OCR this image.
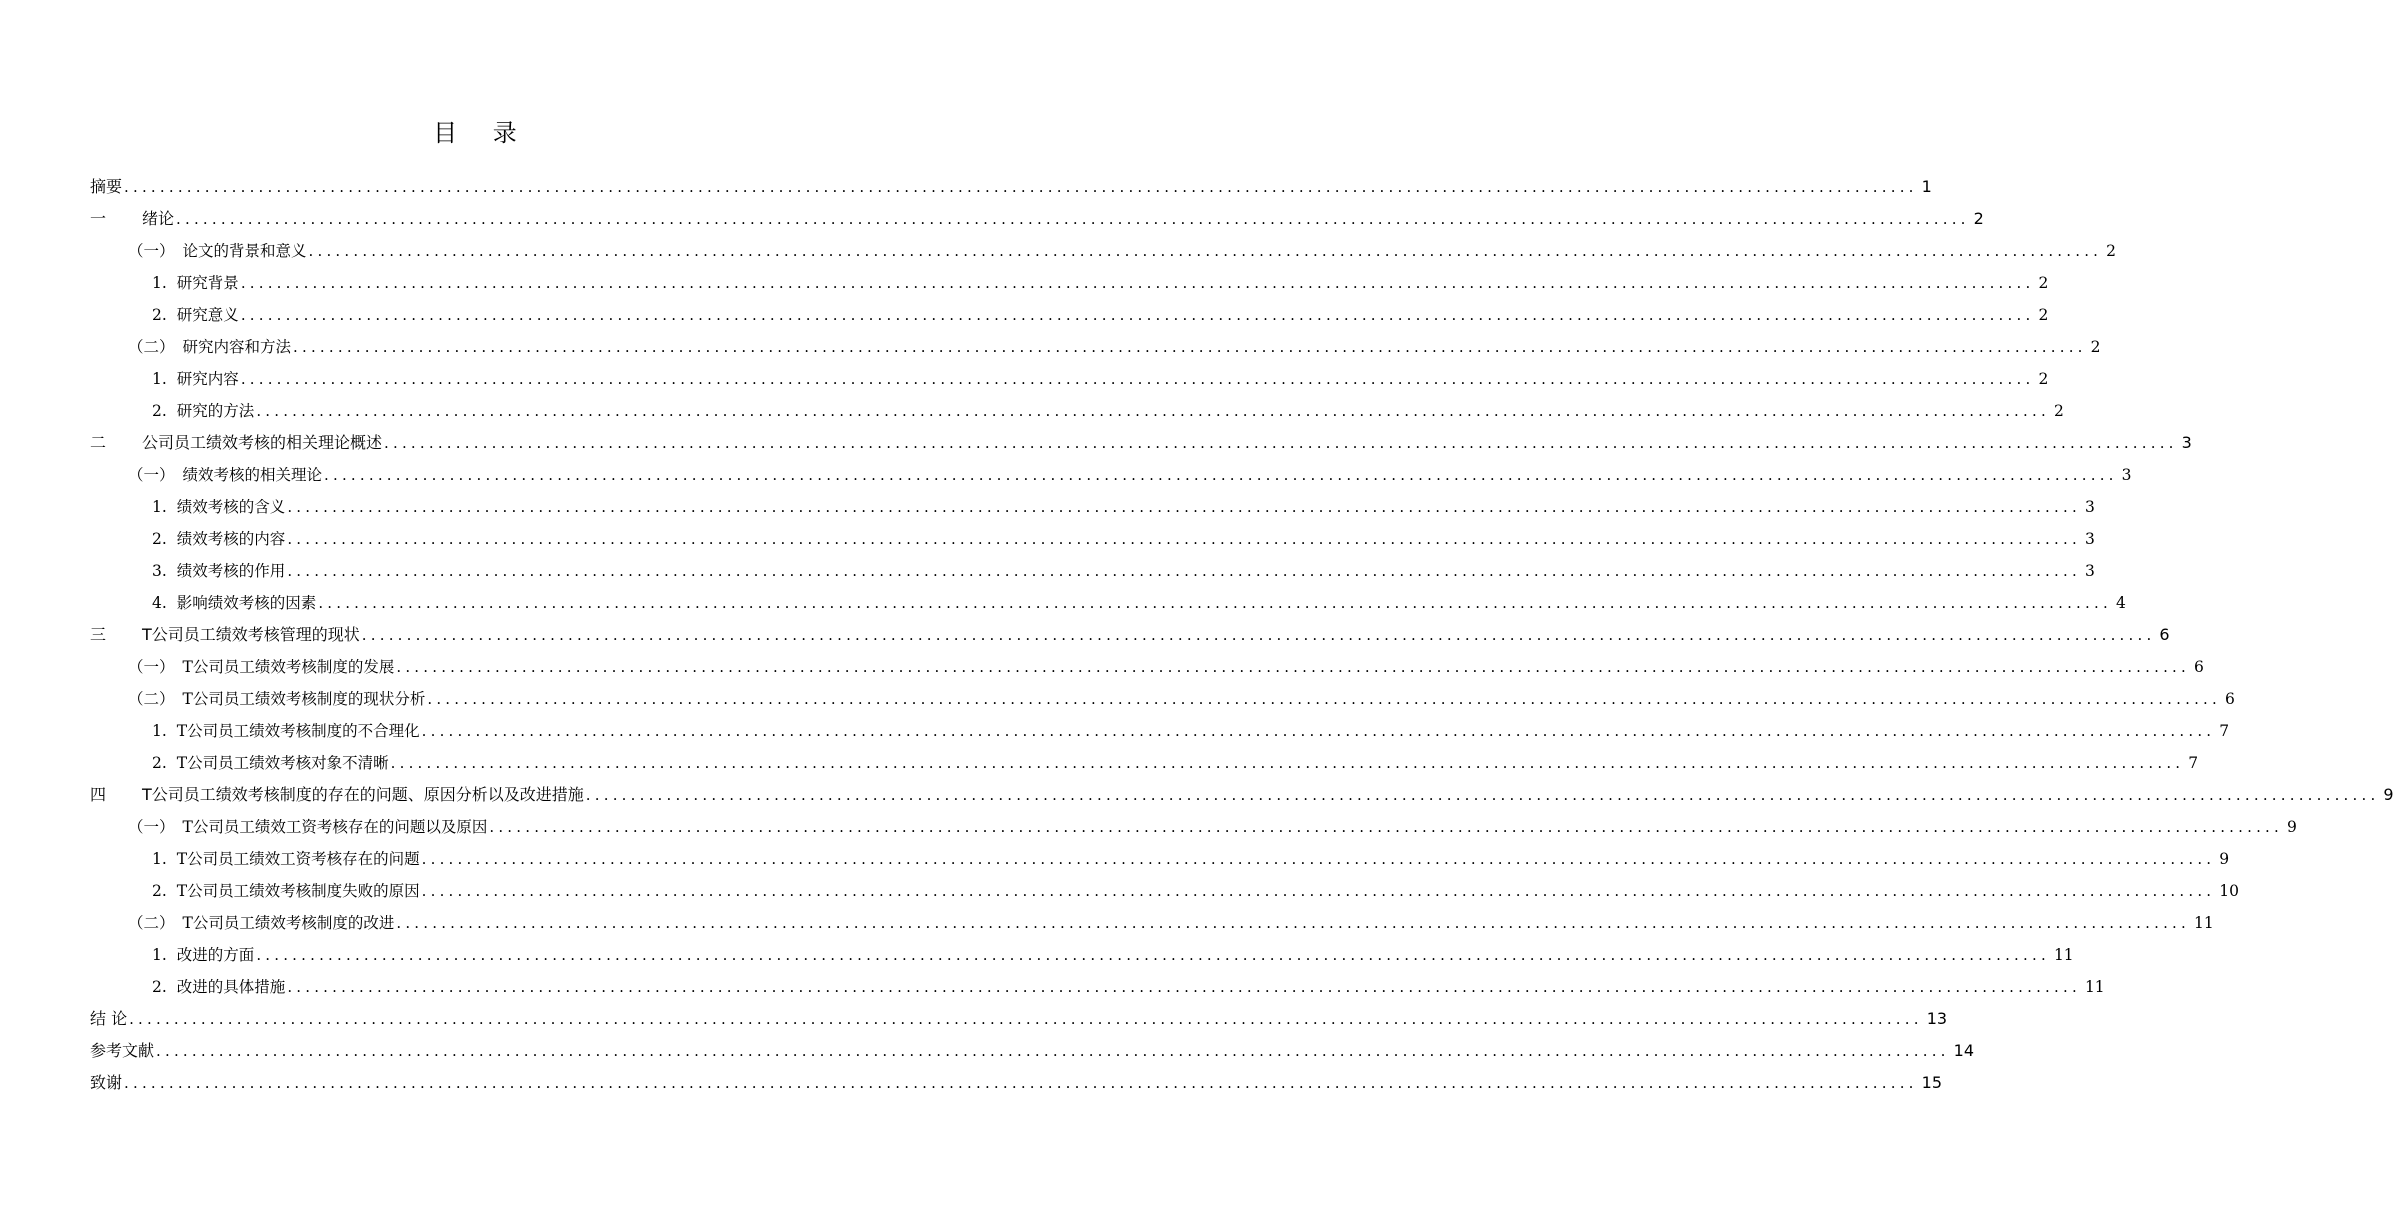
目 录
摘要 ........................................................................................................................................................................................................ 1
一 绪论 ........................................................................................................................................................................................................ 2
（一） 论文的背景和意义 ........................................................................................................................................................................................................ 2
1. 研究背景 ........................................................................................................................................................................................................ 2
2. 研究意义 ........................................................................................................................................................................................................ 2
（二） 研究内容和方法 ........................................................................................................................................................................................................ 2
1. 研究内容 ........................................................................................................................................................................................................ 2
2. 研究的方法 ........................................................................................................................................................................................................ 2
二 公司员工绩效考核的相关理论概述 ........................................................................................................................................................................................................ 3
（一） 绩效考核的相关理论 ........................................................................................................................................................................................................ 3
1. 绩效考核的含义 ........................................................................................................................................................................................................ 3
2. 绩效考核的内容 ........................................................................................................................................................................................................ 3
3. 绩效考核的作用 ........................................................................................................................................................................................................ 3
4. 影响绩效考核的因素 ........................................................................................................................................................................................................ 4
三 T公司员工绩效考核管理的现状 ........................................................................................................................................................................................................ 6
（一） T公司员工绩效考核制度的发展 ........................................................................................................................................................................................................ 6
（二） T公司员工绩效考核制度的现状分析 ........................................................................................................................................................................................................ 6
1. T公司员工绩效考核制度的不合理化 ........................................................................................................................................................................................................ 7
2. T公司员工绩效考核对象不清晰 ........................................................................................................................................................................................................ 7
四 T公司员工绩效考核制度的存在的问题、原因分析以及改进措施 ........................................................................................................................................................................................................ 9
（一） T公司员工绩效工资考核存在的问题以及原因 ........................................................................................................................................................................................................ 9
1. T公司员工绩效工资考核存在的问题 ........................................................................................................................................................................................................ 9
2. T公司员工绩效考核制度失败的原因 ........................................................................................................................................................................................................ 10
（二） T公司员工绩效考核制度的改进 ........................................................................................................................................................................................................ 11
1. 改进的方面 ........................................................................................................................................................................................................ 11
2. 改进的具体措施 ........................................................................................................................................................................................................ 11
结 论 ........................................................................................................................................................................................................ 13
参考文献 ........................................................................................................................................................................................................ 14
致谢 ........................................................................................................................................................................................................ 15
